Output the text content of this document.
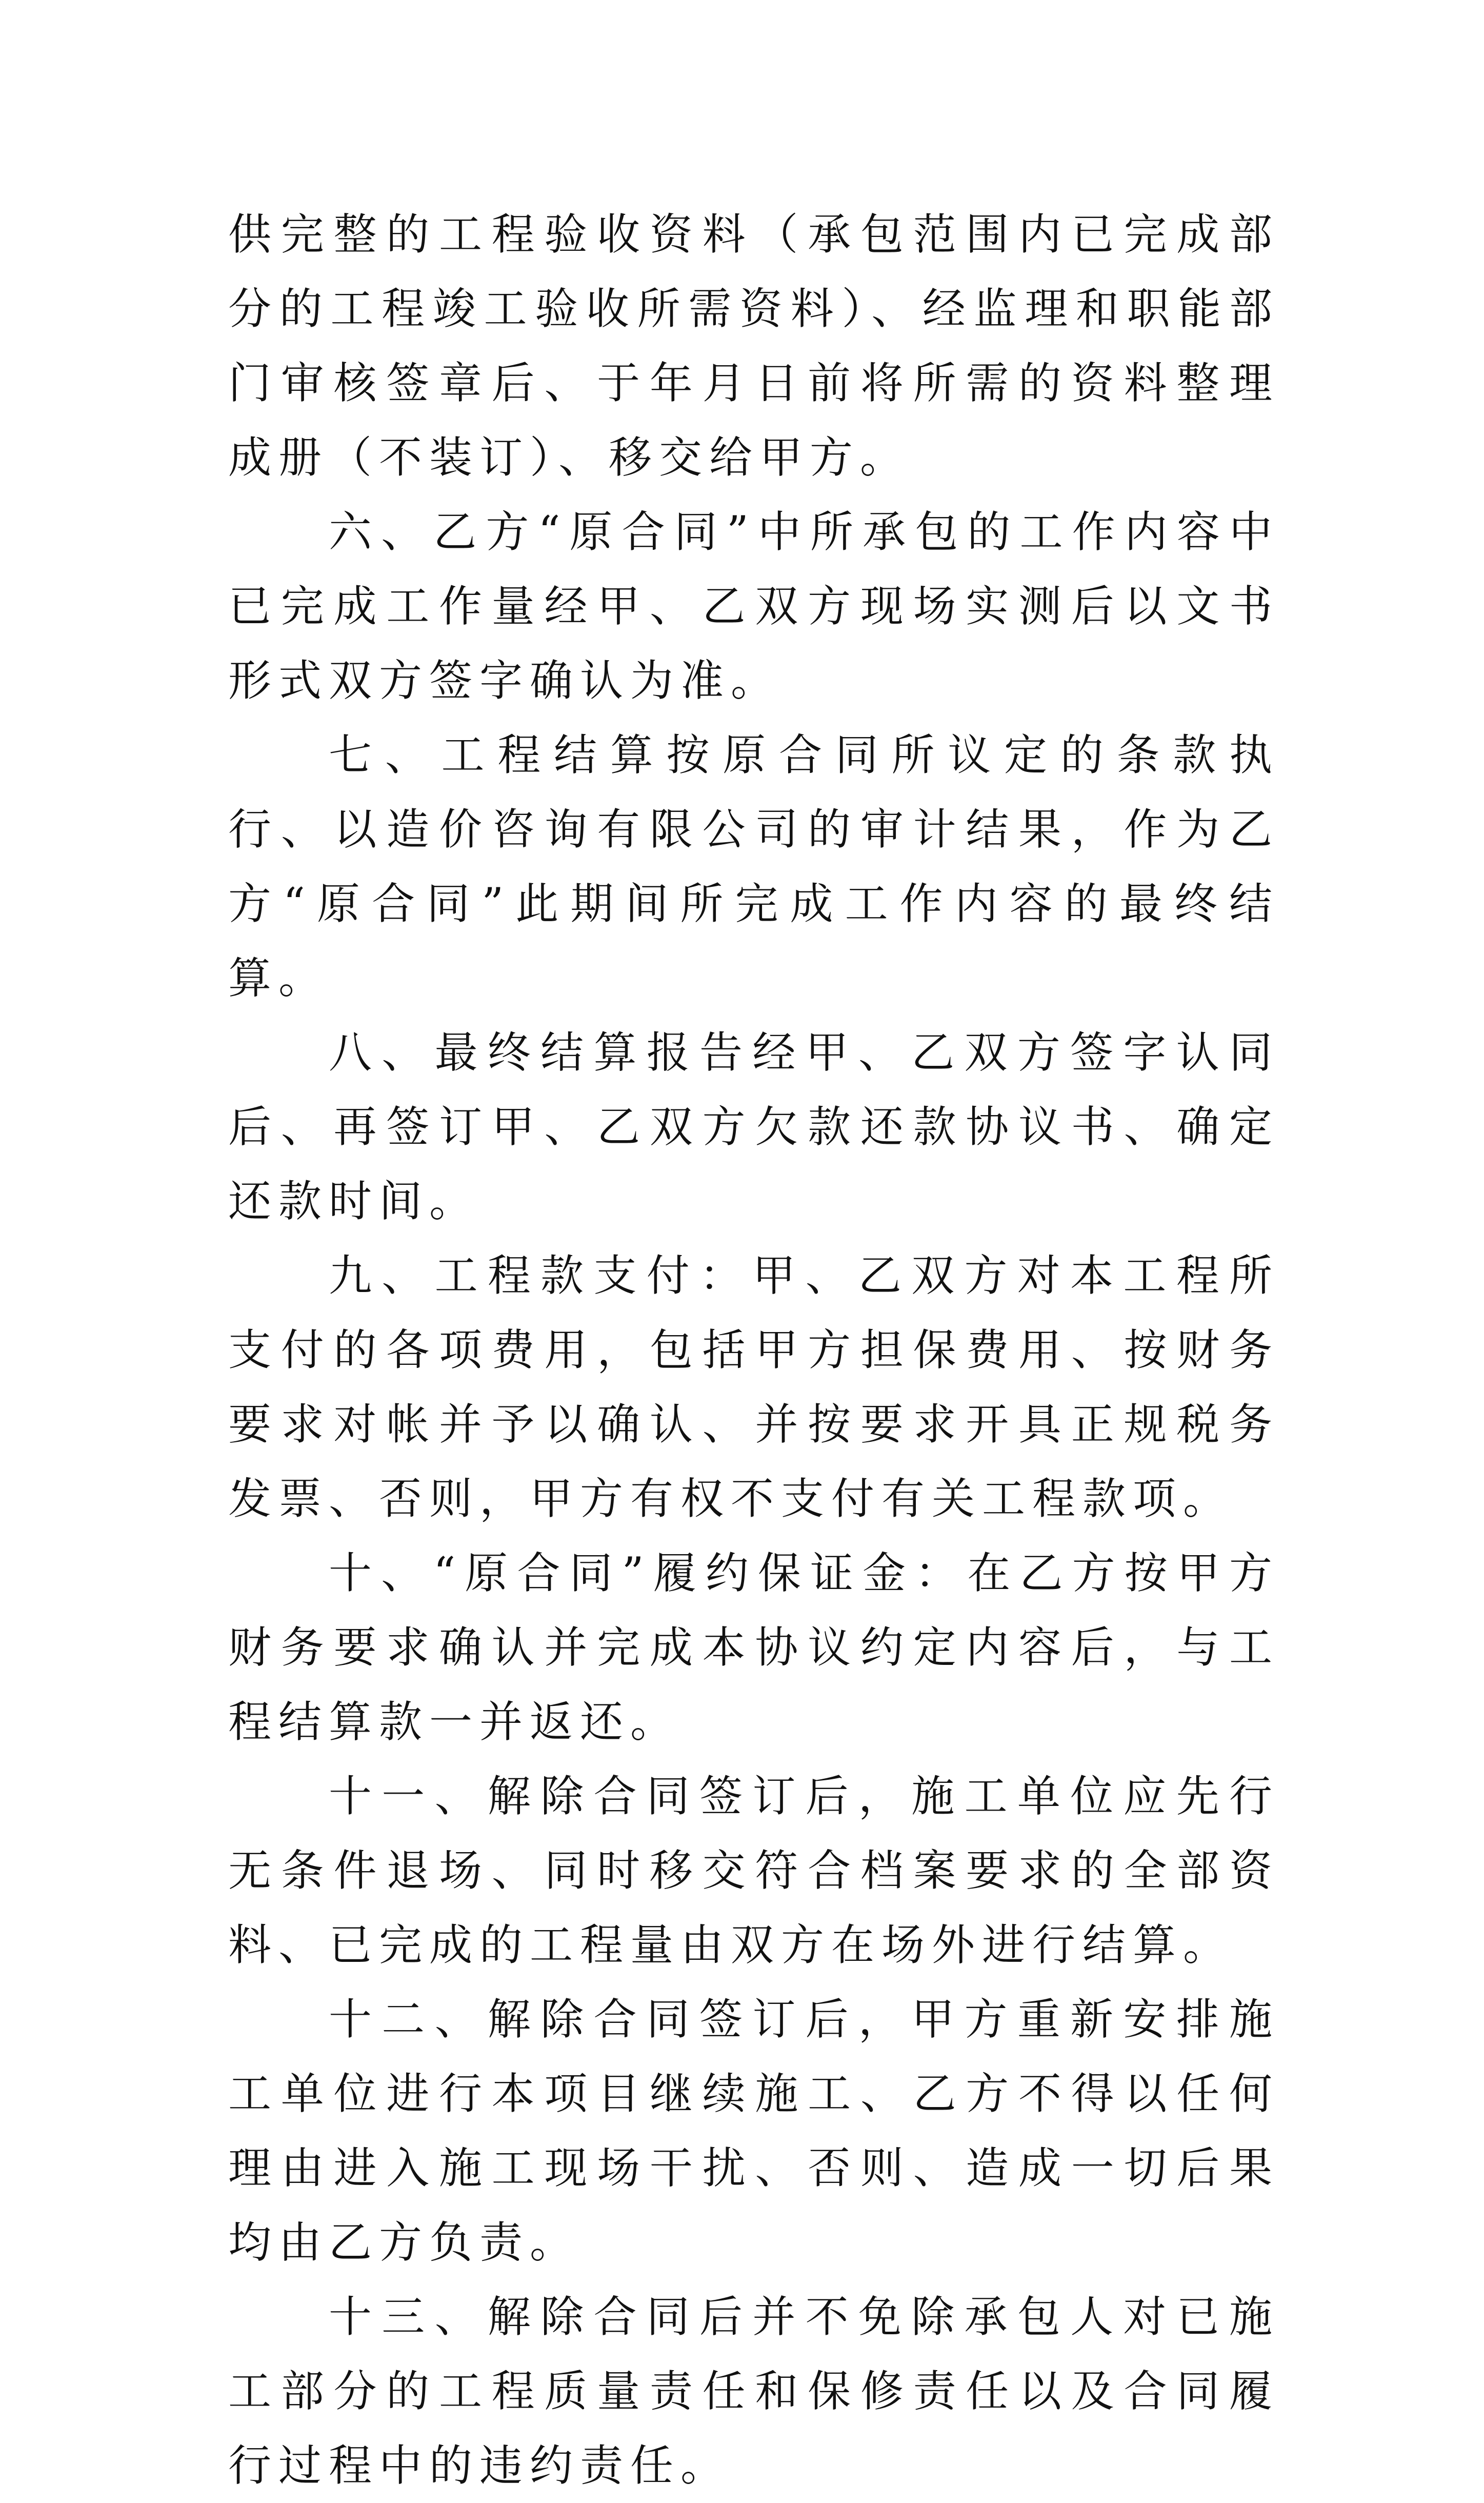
供完整的工程验收资料（承包范围内已完成部分的工程竣工验收所需资料）、经监理和职能部门审核签章后、于年月日前将所需的资料整理成册（不装订）、移交给甲方。

六、乙方“原合同”中所承包的工作内容中已完成工作量经甲、乙双方现场实测后以文书形式双方签字确认为准。

七、工程结算按原合同所议定的条款执行、以造价咨询有限公司的审计结果，作为乙方“原合同”此期间所完成工作内容的最终结算。

八、最终结算报告经甲、乙双方签字认同后、再签订甲、乙双方欠款还款协议书、确定还款时间。

九、工程款支付：甲、乙双方对本工程所支付的各项费用，包括甲方担保费用、按财务要求对帐并予以确认、并按要求开具正规税务发票、否则，甲方有权不支付有关工程款项。

十、“原合同”履约保证金：在乙方按甲方财务要求确认并完成本协议约定内容后，与工程结算款一并返还。

十一、解除合同签订后，施工单位应先行无条件退场、同时移交符合档案要求的全部资料、已完成的工程量由双方在场外进行结算。

十二、解除合同签订后，甲方重新安排施工单位进行本项目继续施工、乙方不得以任何理由进入施工现场干扰、否则、造成一切后果均由乙方负责。

十三、解除合同后并不免除承包人对已施工部分的工程质量责任和保修责任以及合同履行过程中的违约责任。
